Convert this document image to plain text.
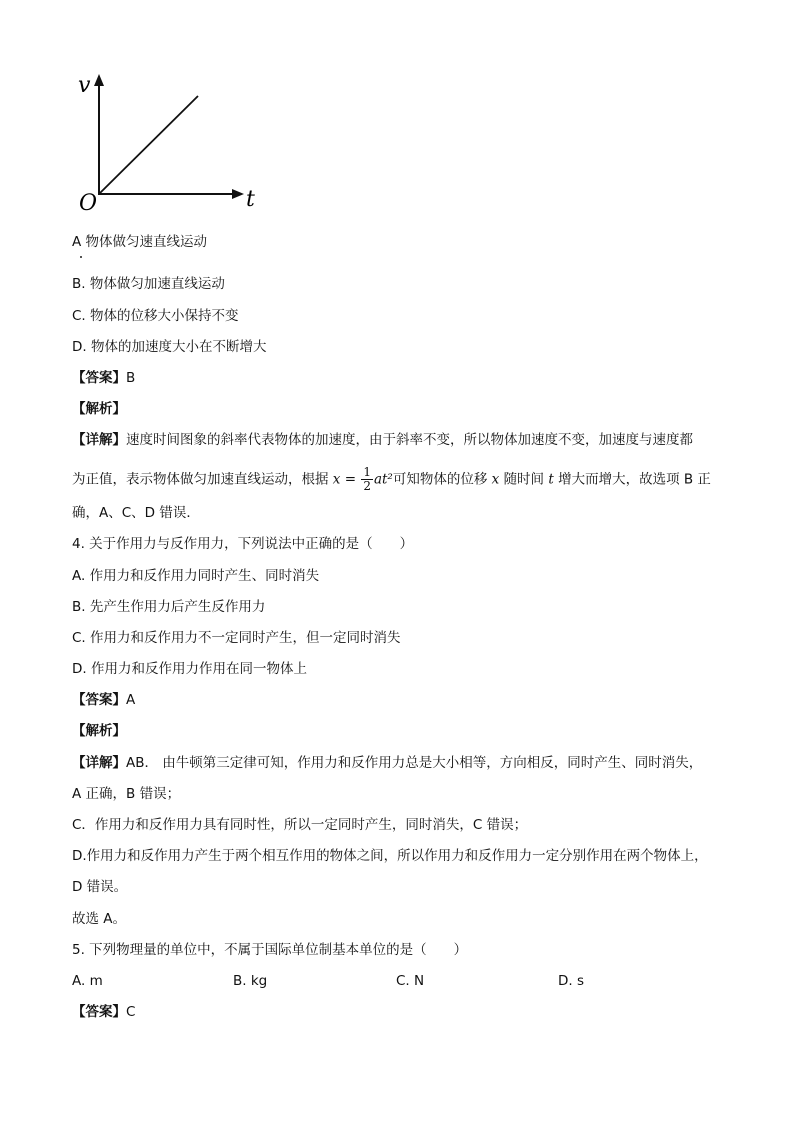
v
t
O
A 物体做匀速直线运动
B. 物体做匀加速直线运动
C. 物体的位移大小保持不变
D. 物体的加速度大小在不断增大
【答案】B
【解析】
【详解】速度时间图象的斜率代表物体的加速度，由于斜率不变，所以物体加速度不变，加速度与速度都
为正值，表示物体做匀加速直线运动，根据 $x = \frac{1}{2} at^2$可知物体的位移 x 随时间 t 增大而增大，故选项 B 正
确，A、C、D 错误．
4. 关于作用力与反作用力，下列说法中正确的是（　　）
A. 作用力和反作用力同时产生、同时消失
B. 先产生作用力后产生反作用力
C. 作用力和反作用力不一定同时产生，但一定同时消失
D. 作用力和反作用力作用在同一物体上
【答案】A
【解析】
【详解】AB． 由牛顿第三定律可知，作用力和反作用力总是大小相等，方向相反，同时产生、同时消失，
A 正确，B 错误；
C．作用力和反作用力具有同时性，所以一定同时产生，同时消失，C 错误；
D.作用力和反作用力产生于两个相互作用的物体之间，所以作用力和反作用力一定分别作用在两个物体上，
D 错误。
故选 A。
5. 下列物理量的单位中，不属于国际单位制基本单位的是（　　）
A. m	B. kg	C. N	D. s
【答案】C
